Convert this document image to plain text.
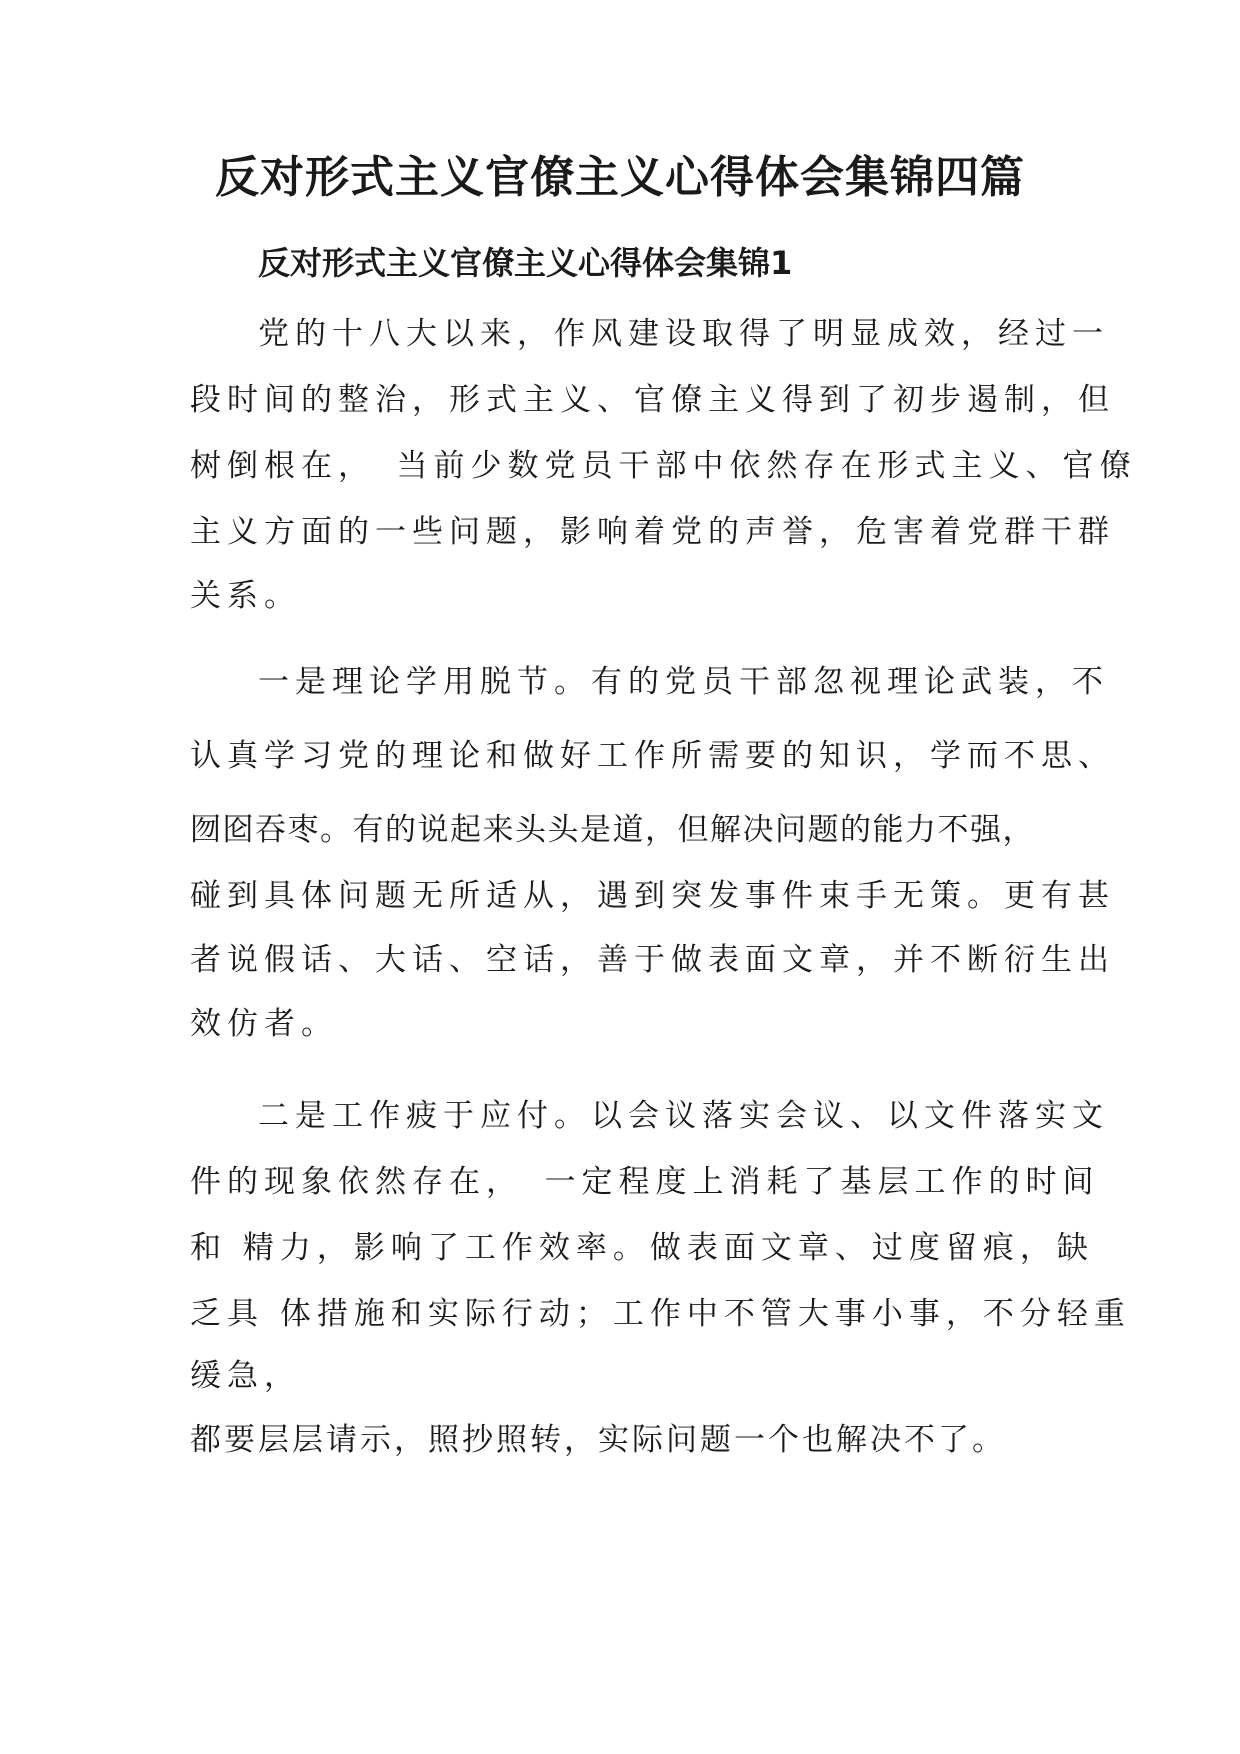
反对形式主义官僚主义心得体会集锦四篇
反对形式主义官僚主义心得体会集锦1

党的十八大以来，作风建设取得了明显成效，经过一

段时间的整治，形式主义、官僚主义得到了初步遏制，但

树倒根在，　当前少数党员干部中依然存在形式主义、官僚

主义方面的一些问题，影响着党的声誉，危害着党群干群

关系。

一是理论学用脱节。有的党员干部忽视理论武装，不

认真学习党的理论和做好工作所需要的知识，学而不思、

囫囵吞枣。有的说起来头头是道，但解决问题的能力不强，

碰到具体问题无所适从，遇到突发事件束手无策。更有甚

者说假话、大话、空话，善于做表面文章，并不断衍生出

效仿者。

二是工作疲于应付。以会议落实会议、以文件落实文

件的现象依然存在，　一定程度上消耗了基层工作的时间

和 精力，影响了工作效率。做表面文章、过度留痕，缺

乏具 体措施和实际行动；工作中不管大事小事，不分轻重

缓急，

都要层层请示，照抄照转，实际问题一个也解决不了。
